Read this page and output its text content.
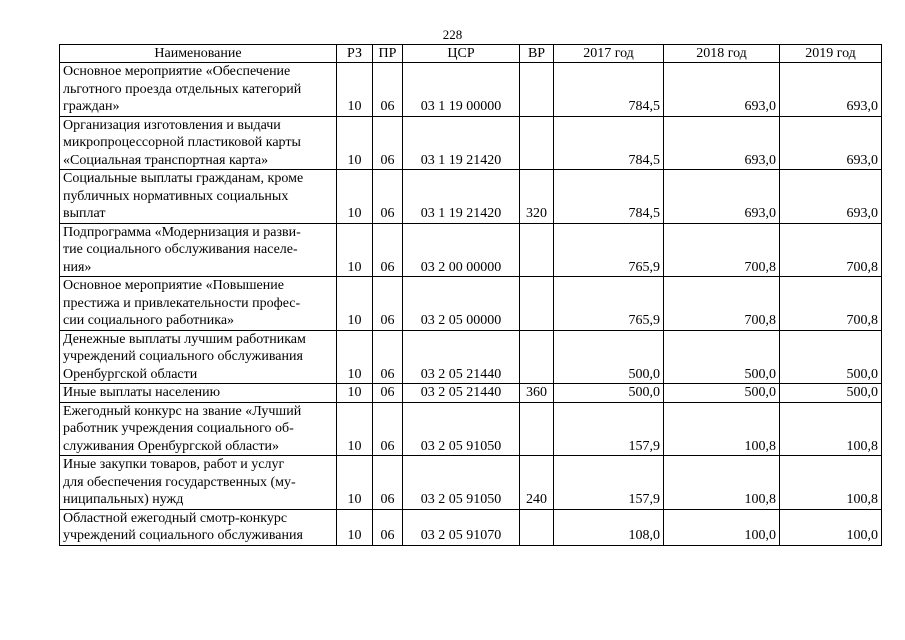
228
Наименование	РЗ	ПР	ЦСР	ВР	2017 год	2018 год	2019 год

Основное мероприятие «Обеспечение
льготного проезда отдельных категорий
граждан»	10	06	03 1 19 00000		784,5	693,0	693,0

Организация изготовления и выдачи
микропроцессорной пластиковой карты
«Социальная транспортная карта»	10	06	03 1 19 21420		784,5	693,0	693,0

Социальные выплаты гражданам, кроме
публичных нормативных социальных
выплат	10	06	03 1 19 21420	320	784,5	693,0	693,0

Подпрограмма «Модернизация и разви-
тие социального обслуживания населе-
ния»	10	06	03 2 00 00000		765,9	700,8	700,8

Основное мероприятие «Повышение
престижа и привлекательности профес-
сии социального работника»	10	06	03 2 05 00000		765,9	700,8	700,8

Денежные выплаты лучшим работникам
учреждений социального обслуживания
Оренбургской области	10	06	03 2 05 21440		500,0	500,0	500,0

Иные выплаты населению	10	06	03 2 05 21440	360	500,0	500,0	500,0

Ежегодный конкурс на звание «Лучший
работник учреждения социального об-
служивания Оренбургской области»	10	06	03 2 05 91050		157,9	100,8	100,8

Иные закупки товаров, работ и услуг
для обеспечения государственных (му-
ниципальных) нужд	10	06	03 2 05 91050	240	157,9	100,8	100,8

Областной ежегодный смотр-конкурс
учреждений социального обслуживания	10	06	03 2 05 91070		108,0	100,0	100,0
